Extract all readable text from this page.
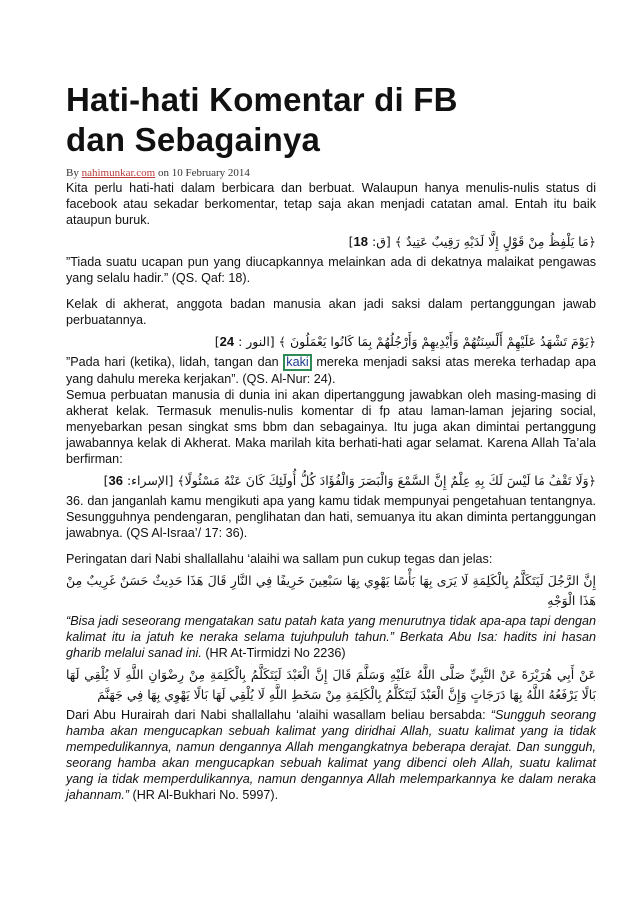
Hati-hati Komentar di FB
dan Sebagainya
By nahimunkar.com on 10 February 2014

Kita perlu hati-hati dalam berbicara dan berbuat. Walaupun hanya menulis-nulis status di facebook atau sekadar berkomentar, tetap saja akan menjadi catatan amal. Entah itu baik ataupun buruk.

﴿مَا يَلْفِظُ مِنْ قَوْلٍ إِلَّا لَدَيْهِ رَقِيبٌ عَتِيدٌ ﴾ [ق: 18]

”Tiada suatu ucapan pun yang diucapkannya melainkan ada di dekatnya malaikat pengawas yang selalu hadir.” (QS. Qaf: 18).

Kelak di akherat, anggota badan manusia akan jadi saksi dalam pertanggungan jawab perbuatannya.

﴿يَوْمَ تَشْهَدُ عَلَيْهِمْ أَلْسِنَتُهُمْ وَأَيْدِيهِمْ وَأَرْجُلُهُمْ بِمَا كَانُوا يَعْمَلُونَ ﴾ [النور : 24]

”Pada hari (ketika), lidah, tangan dan kaki mereka menjadi saksi atas mereka terhadap apa yang dahulu mereka kerjakan”. (QS. Al-Nur: 24).

Semua perbuatan manusia di dunia ini akan dipertanggung jawabkan oleh masing-masing di akherat kelak. Termasuk menulis-nulis komentar di fp atau laman-laman jejaring social, menyebarkan pesan singkat sms bbm dan sebagainya. Itu juga akan dimintai pertanggung jawabannya kelak di Akherat. Maka marilah kita berhati-hati agar selamat. Karena Allah Ta’ala berfirman:

﴿وَلَا تَقْفُ مَا لَيْسَ لَكَ بِهِ عِلْمٌ إِنَّ السَّمْعَ وَالْبَصَرَ وَالْفُؤَادَ كُلُّ أُولَئِكَ كَانَ عَنْهُ مَسْئُولًا﴾ [الإسراء: 36]

36. dan janganlah kamu mengikuti apa yang kamu tidak mempunyai pengetahuan tentangnya. Sesungguhnya pendengaran, penglihatan dan hati, semuanya itu akan diminta pertanggungan jawabnya. (QS Al-Israa’/ 17: 36).

Peringatan dari Nabi shallallahu ‘alaihi wa sallam pun cukup tegas dan jelas:

إِنَّ الرَّجُلَ لَيَتَكَلَّمُ بِالْكَلِمَةِ لَا يَرَى بِهَا بَأْسًا يَهْوِي بِهَا سَبْعِينَ خَرِيفًا فِي النَّارِ قَالَ هَذَا حَدِيثٌ حَسَنٌ غَرِيبٌ مِنْ هَذَا الْوَجْهِ

“Bisa jadi seseorang mengatakan satu patah kata yang menurutnya tidak apa-apa tapi dengan kalimat itu ia jatuh ke neraka selama tujuhpuluh tahun.” Berkata Abu Isa: hadits ini hasan gharib melalui sanad ini. (HR At-Tirmidzi No 2236)

عَنْ أَبِي هُرَيْرَةَ عَنْ النَّبِيِّ صَلَّى اللَّهُ عَلَيْهِ وَسَلَّمَ قَالَ إِنَّ الْعَبْدَ لَيَتَكَلَّمُ بِالْكَلِمَةِ مِنْ رِضْوَانِ اللَّهِ لَا يُلْقِي لَهَا بَالًا يَرْفَعُهُ اللَّهُ بِهَا دَرَجَاتٍ وَإِنَّ الْعَبْدَ لَيَتَكَلَّمُ بِالْكَلِمَةِ مِنْ سَخَطِ اللَّهِ لَا يُلْقِي لَهَا بَالًا يَهْوِي بِهَا فِي جَهَنَّمَ

Dari Abu Hurairah dari Nabi shallallahu ‘alaihi wasallam beliau bersabda: “Sungguh seorang hamba akan mengucapkan sebuah kalimat yang diridhai Allah, suatu kalimat yang ia tidak mempedulikannya, namun dengannya Allah mengangkatnya beberapa derajat. Dan sungguh, seorang hamba akan mengucapkan sebuah kalimat yang dibenci oleh Allah, suatu kalimat yang ia tidak memperdulikannya, namun dengannya Allah melemparkannya ke dalam neraka jahannam.” (HR Al-Bukhari No. 5997).
